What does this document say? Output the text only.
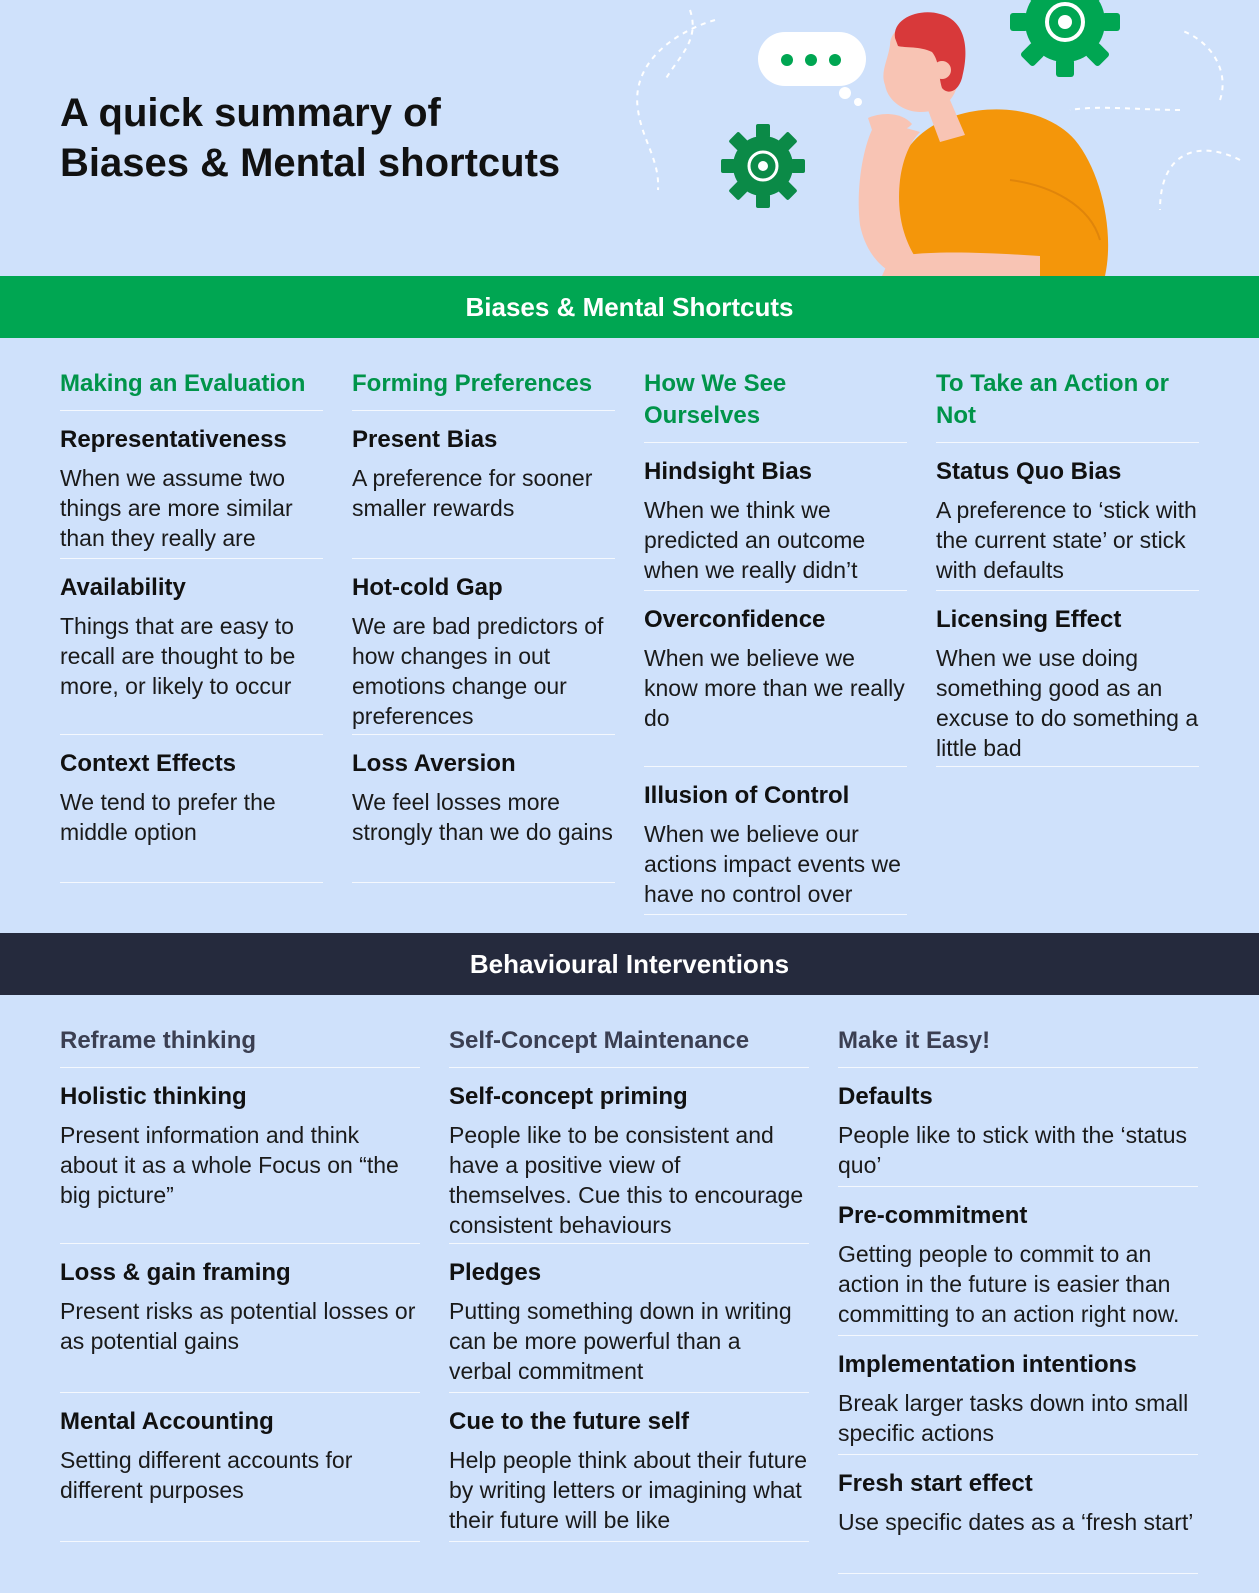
A quick summary of
Biases & Mental shortcuts
Biases & Mental Shortcuts
Making an Evaluation
Representativeness
When we assume two things are more similar than they really are
Availability
Things that are easy to recall are thought to be more, or likely to occur
Context Effects
We tend to prefer the middle option
Forming Preferences
Present Bias
A preference for sooner smaller rewards
Hot-cold Gap
We are bad predictors of how changes in out emotions change our preferences
Loss Aversion
We feel losses more strongly than we do gains
How We See Ourselves
Hindsight Bias
When we think we predicted an outcome when we really didn’t
Overconfidence
When we believe we know more than we really do
Illusion of Control
When we believe our actions impact events we have no control over
To Take an Action or Not
Status Quo Bias
A preference to ‘stick with the current state’ or stick with defaults
Licensing Effect
When we use doing something good as an excuse to do something a little bad
Behavioural Interventions
Reframe thinking
Holistic thinking
Present information and think about it as a whole Focus on “the big picture”
Loss & gain framing
Present risks as potential losses or as potential gains
Mental Accounting
Setting different accounts for different purposes
Self-Concept Maintenance
Self-concept priming
People like to be consistent and have a positive view of themselves. Cue this to encourage consistent behaviours
Pledges
Putting something down in writing can be more powerful than a verbal commitment
Cue to the future self
Help people think about their future by writing letters or imagining what their future will be like
Make it Easy!
Defaults
People like to stick with the ‘status quo’
Pre-commitment
Getting people to commit to an action in the future is easier than committing to an action right now.
Implementation intentions
Break larger tasks down into small specific actions
Fresh start effect
Use specific dates as a ‘fresh start’
